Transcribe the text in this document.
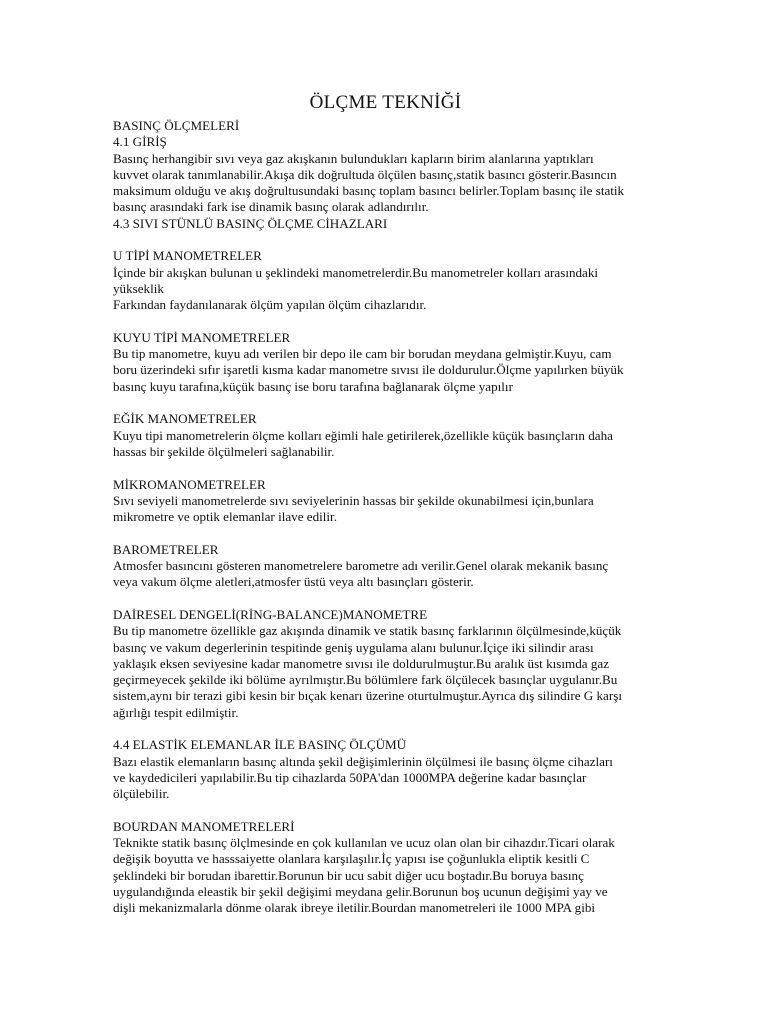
ÖLÇME TEKNİĞİ
BASINÇ ÖLÇMELERİ
4.1 GİRİŞ
Basınç herhangibir sıvı veya gaz akışkanın bulundukları kapların birim alanlarına yaptıkları
kuvvet olarak tanımlanabilir.Akışa dik doğrultuda ölçülen basınç,statik basıncı gösterir.Basıncın
maksimum olduğu ve akış doğrultusundaki basınç toplam basıncı belirler.Toplam basınç ile statik
basınç arasındaki fark ise dinamik basınç olarak adlandırılır.
4.3 SIVI STÜNLÜ BASINÇ ÖLÇME CİHAZLARI
U TİPİ MANOMETRELER
İçinde bir akışkan bulunan u şeklindeki manometrelerdir.Bu manometreler kolları arasındaki
yükseklik
Farkından faydanılanarak ölçüm yapılan ölçüm cihazlarıdır.
KUYU TİPİ MANOMETRELER
Bu tip manometre, kuyu adı verilen bir depo ile cam bir borudan meydana gelmiştir.Kuyu, cam
boru üzerindeki sıfır işaretli kısma kadar manometre sıvısı ile doldurulur.Ölçme yapılırken büyük
basınç kuyu tarafına,küçük basınç ise boru tarafına bağlanarak ölçme yapılır
EĞİK MANOMETRELER
Kuyu tipi manometrelerin ölçme kolları eğimli hale getirilerek,özellikle küçük basınçların daha
hassas bir şekilde ölçülmeleri sağlanabilir.
MİKROMANOMETRELER
Sıvı seviyeli manometrelerde sıvı seviyelerinin hassas bir şekilde okunabilmesi için,bunlara
mikrometre ve optik elemanlar ilave edilir.
BAROMETRELER
Atmosfer basıncını gösteren manometrelere barometre adı verilir.Genel olarak mekanik basınç
veya vakum ölçme aletleri,atmosfer üstü veya altı basınçları gösterir.
DAİRESEL DENGELİ(RİNG-BALANCE)MANOMETRE
Bu tip manometre özellikle gaz akışında dinamik ve statik basınç farklarının ölçülmesinde,küçük
basınç ve vakum degerlerinin tespitinde geniş uygulama alanı bulunur.İçiçe iki silindir arası
yaklaşık eksen seviyesine kadar manometre sıvısı ile doldurulmuştur.Bu aralık üst kısımda gaz
geçirmeyecek şekilde iki bölüme ayrılmıştır.Bu bölümlere fark ölçülecek basınçlar uygulanır.Bu
sistem,aynı bir terazi gibi kesin bir bıçak kenarı üzerine oturtulmuştur.Ayrıca dış silindire G karşı
ağırlığı tespit edilmiştir.
4.4 ELASTİK ELEMANLAR İLE BASINÇ ÖLÇÜMÜ
Bazı elastik elemanların basınç altında şekil değişimlerinin ölçülmesi ile basınç ölçme cihazları
ve kaydedicileri yapılabilir.Bu tip cihazlarda 50PA'dan 1000MPA değerine kadar basınçlar
ölçülebilir.
BOURDAN MANOMETRELERİ
Teknikte statik basınç ölçlmesinde en çok kullanılan ve ucuz olan olan bir cihazdır.Ticari olarak
değişik boyutta ve hasssaiyette olanlara karşılaşılır.İç yapısı ise çoğunlukla eliptik kesitli C
şeklindeki bir borudan ibarettir.Borunun bir ucu sabit diğer ucu boştadır.Bu boruya basınç
uygulandığında eleastik bir şekil değişimi meydana gelir.Borunun boş ucunun değişimi yay ve
dişli mekanizmalarla dönme olarak ibreye iletilir.Bourdan manometreleri ile 1000 MPA gibi
